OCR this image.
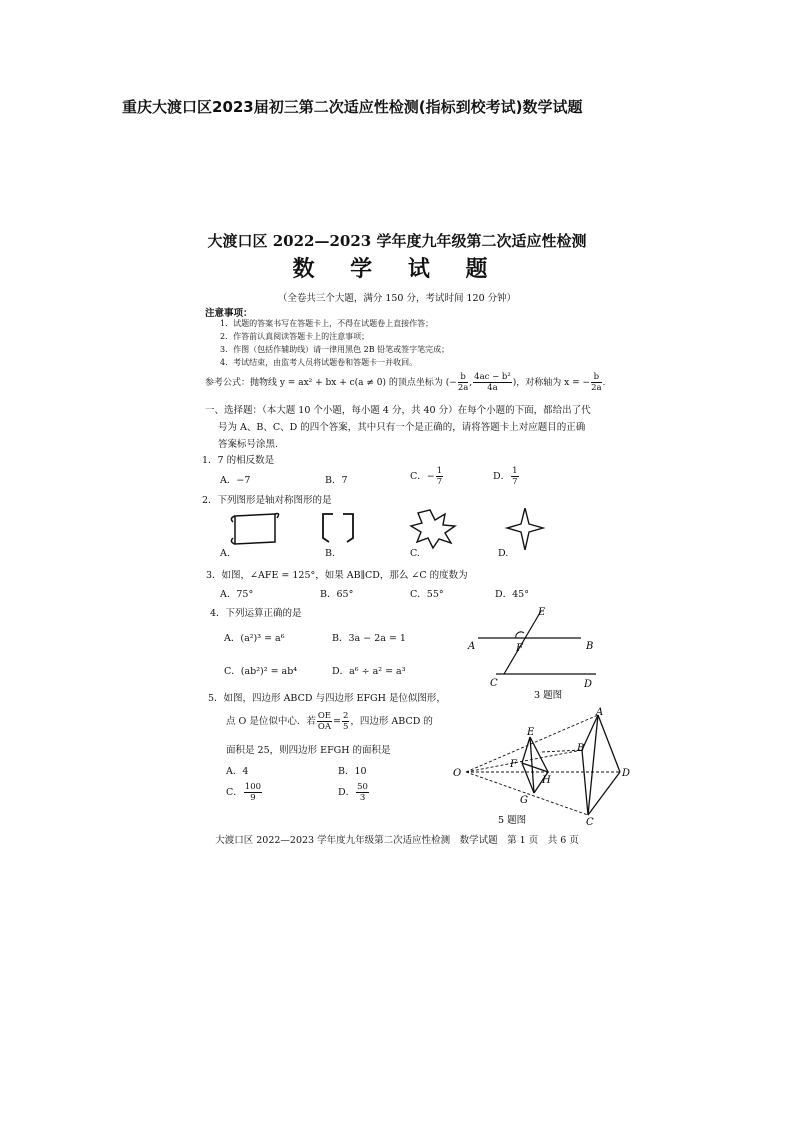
重庆大渡口区2023届初三第二次适应性检测(指标到校考试)数学试题
大渡口区 2022—2023 学年度九年级第二次适应性检测
数 学 试 题
（全卷共三个大题，满分 150 分，考试时间 120 分钟）
注意事项：
1．试题的答案书写在答题卡上，不得在试题卷上直接作答；
2．作答前认真阅读答题卡上的注意事项；
3．作图（包括作辅助线）请一律用黑色 2B 铅笔或签字笔完成；
4．考试结束，由监考人员将试题卷和答题卡一并收回。
参考公式：抛物线 y = ax² + bx + c(a ≠ 0) 的顶点坐标为 (− $\frac{b}{2a}$ , $\frac{\text{4ac − b²}}{4a}$ )，对称轴为 x = − $\frac{b}{2a}$ .
一、选择题：（本大题 10 个小题，每小题 4 分，共 40 分）在每个小题的下面，都给出了代
号为 A、B、C、D 的四个答案，其中只有一个是正确的，请将答题卡上对应题目的正确
答案标号涂黑.
1．7 的相反数是
A．−7	B．7	C．− $\frac{1}{7}$	D． $\frac{1}{7}$
2．下列图形是轴对称图形的是
A.	B.	C.	D.
3．如图，∠AFE = 125°，如果 AB∥CD，那么 ∠C 的度数为
A．75°	B．65°	C．55°	D．45°
4．下列运算正确的是
A．(a²)³ = a⁶	B．3a − 2a = 1
C．(ab²)² = ab⁴	D．a⁶ ÷ a² = a³
E
A	F	B
C	D
3 题图
5．如图，四边形 ABCD 与四边形 EFGH 是位似图形，
点 O 是位似中心．若 $\frac{OE}{OA} = \frac{2}{5}$ ，四边形 ABCD 的
面积是 25，则四边形 EFGH 的面积是
A．4	B．10
C． $\frac{100}{9}$	D． $\frac{50}{3}$
A
E
B
F
O
H
D
G
C
5 题图
大渡口区 2022—2023 学年度九年级第二次适应性检测　数学试题　第 1 页　共 6 页
